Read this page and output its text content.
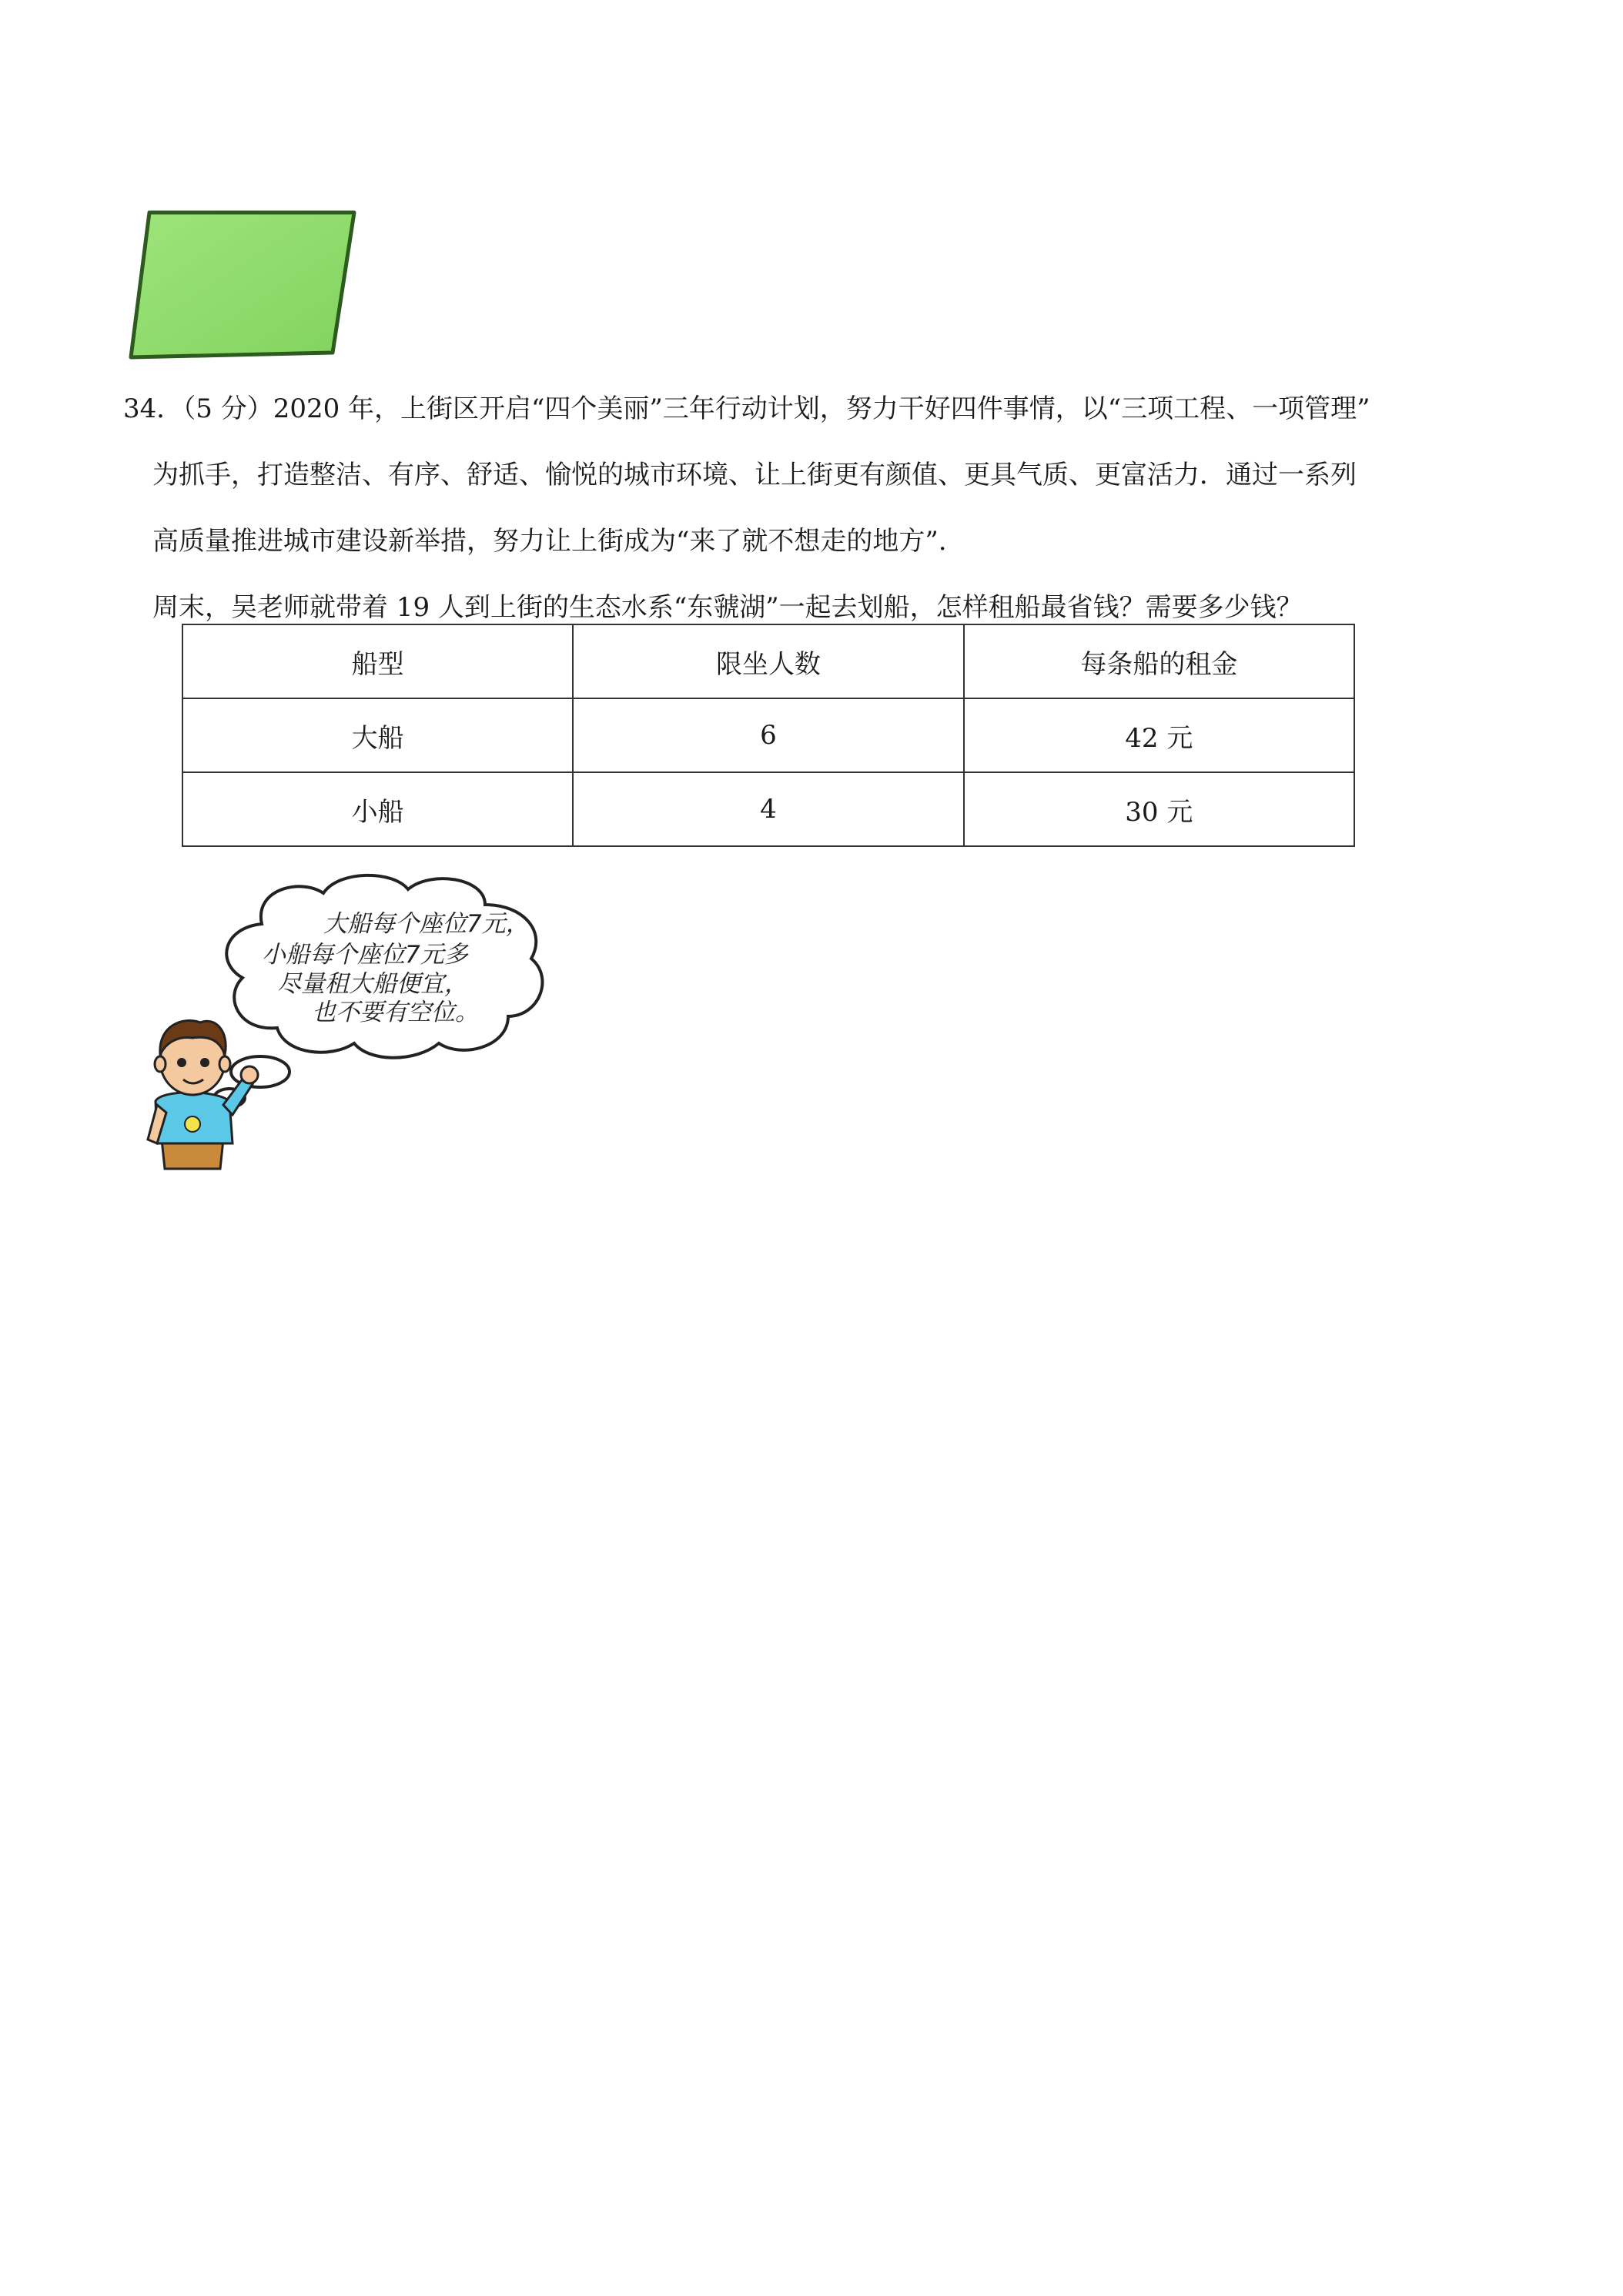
34．（5 分）2020 年，上街区开启“四个美丽”三年行动计划，努力干好四件事情，以“三项工程、一项管理”
为抓手，打造整洁、有序、舒适、愉悦的城市环境、让上街更有颜值、更具气质、更富活力．通过一系列
高质量推进城市建设新举措，努力让上街成为“来了就不想走的地方”.
周末，吴老师就带着 19 人到上街的生态水系“东虢湖”一起去划船，怎样租船最省钱？需要多少钱？
船型	限坐人数	每条船的租金
大船	6	42 元
小船	4	30 元
大船每个座位7元，
小船每个座位7元多
尽量租大船便宜，
也不要有空位。
